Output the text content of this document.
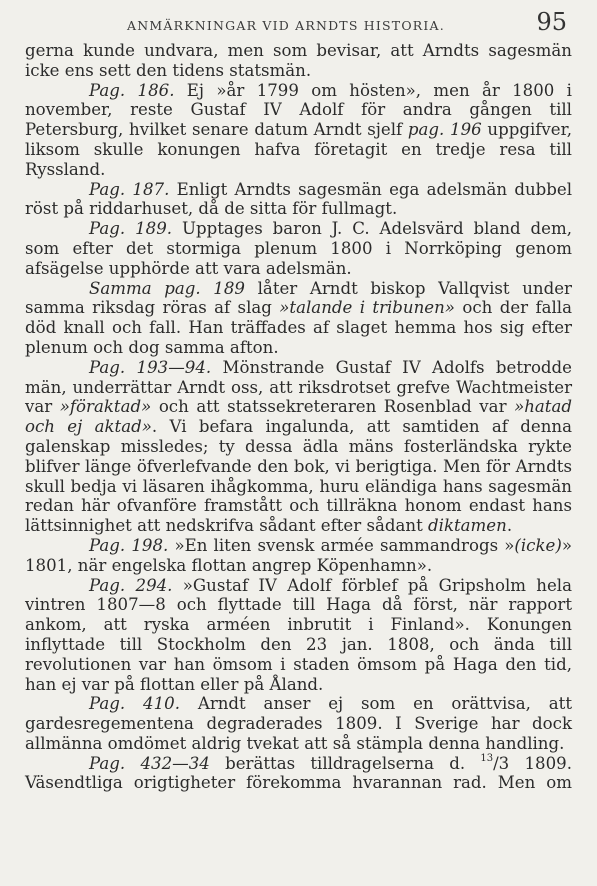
ANMÄRKNINGAR VID ARNDTS HISTORIA.	95

gerna kunde undvara, men som bevisar, att Arndts sagesmän icke ens sett den tidens statsmän.

Pag. 186. Ej »år 1799 om hösten», men år 1800 i november, reste Gustaf IV Adolf för andra gången till Petersburg, hvilket senare datum Arndt sjelf pag. 196 uppgifver, liksom skulle konungen hafva företagit en tredje resa till Ryssland.

Pag. 187. Enligt Arndts sagesmän ega adelsmän dubbel röst på riddarhuset, då de sitta för fullmagt.

Pag. 189. Upptages baron J. C. Adelsvärd bland dem, som efter det stormiga plenum 1800 i Norrköping genom afsägelse upphörde att vara adelsmän.

Samma pag. 189 låter Arndt biskop Vallqvist under samma riksdag röras af slag »talande i tribunen» och der falla död knall och fall. Han träffades af slaget hemma hos sig efter plenum och dog samma afton.

Pag. 193—94. Mönstrande Gustaf IV Adolfs betrodde män, underrättar Arndt oss, att riksdrotset grefve Wachtmeister var »föraktad» och att statssekreteraren Rosenblad var »hatad och ej aktad». Vi befara ingalunda, att samtiden af denna galenskap missledes; ty dessa ädla mäns fosterländska rykte blifver länge öfverlefvande den bok, vi berigtiga. Men för Arndts skull bedja vi läsaren ihågkomma, huru eländiga hans sagesmän redan här ofvanföre framstått och tillräkna honom endast hans lättsinnighet att nedskrifva sådant efter sådant diktamen.

Pag. 198. »En liten svensk armée sammandrogs »(icke)» 1801, när engelska flottan angrep Köpenhamn».

Pag. 294. »Gustaf IV Adolf förblef på Gripsholm hela vintren 1807—8 och flyttade till Haga då först, när rapport ankom, att ryska arméen inbrutit i Finland». Konungen inflyttade till Stockholm den 23 jan. 1808, och ända till revolutionen var han ömsom i staden ömsom på Haga den tid, han ej var på flottan eller på Åland.

Pag. 410. Arndt anser ej som en orättvisa, att gardesregementena degraderades 1809. I Sverige har dock allmänna omdömet aldrig tvekat att så stämpla denna handling.

Pag. 432—34 berättas tilldragelserna d. $^{13}$/3 1809. Väsendtliga origtigheter förekomma hvarannan rad. Men om
